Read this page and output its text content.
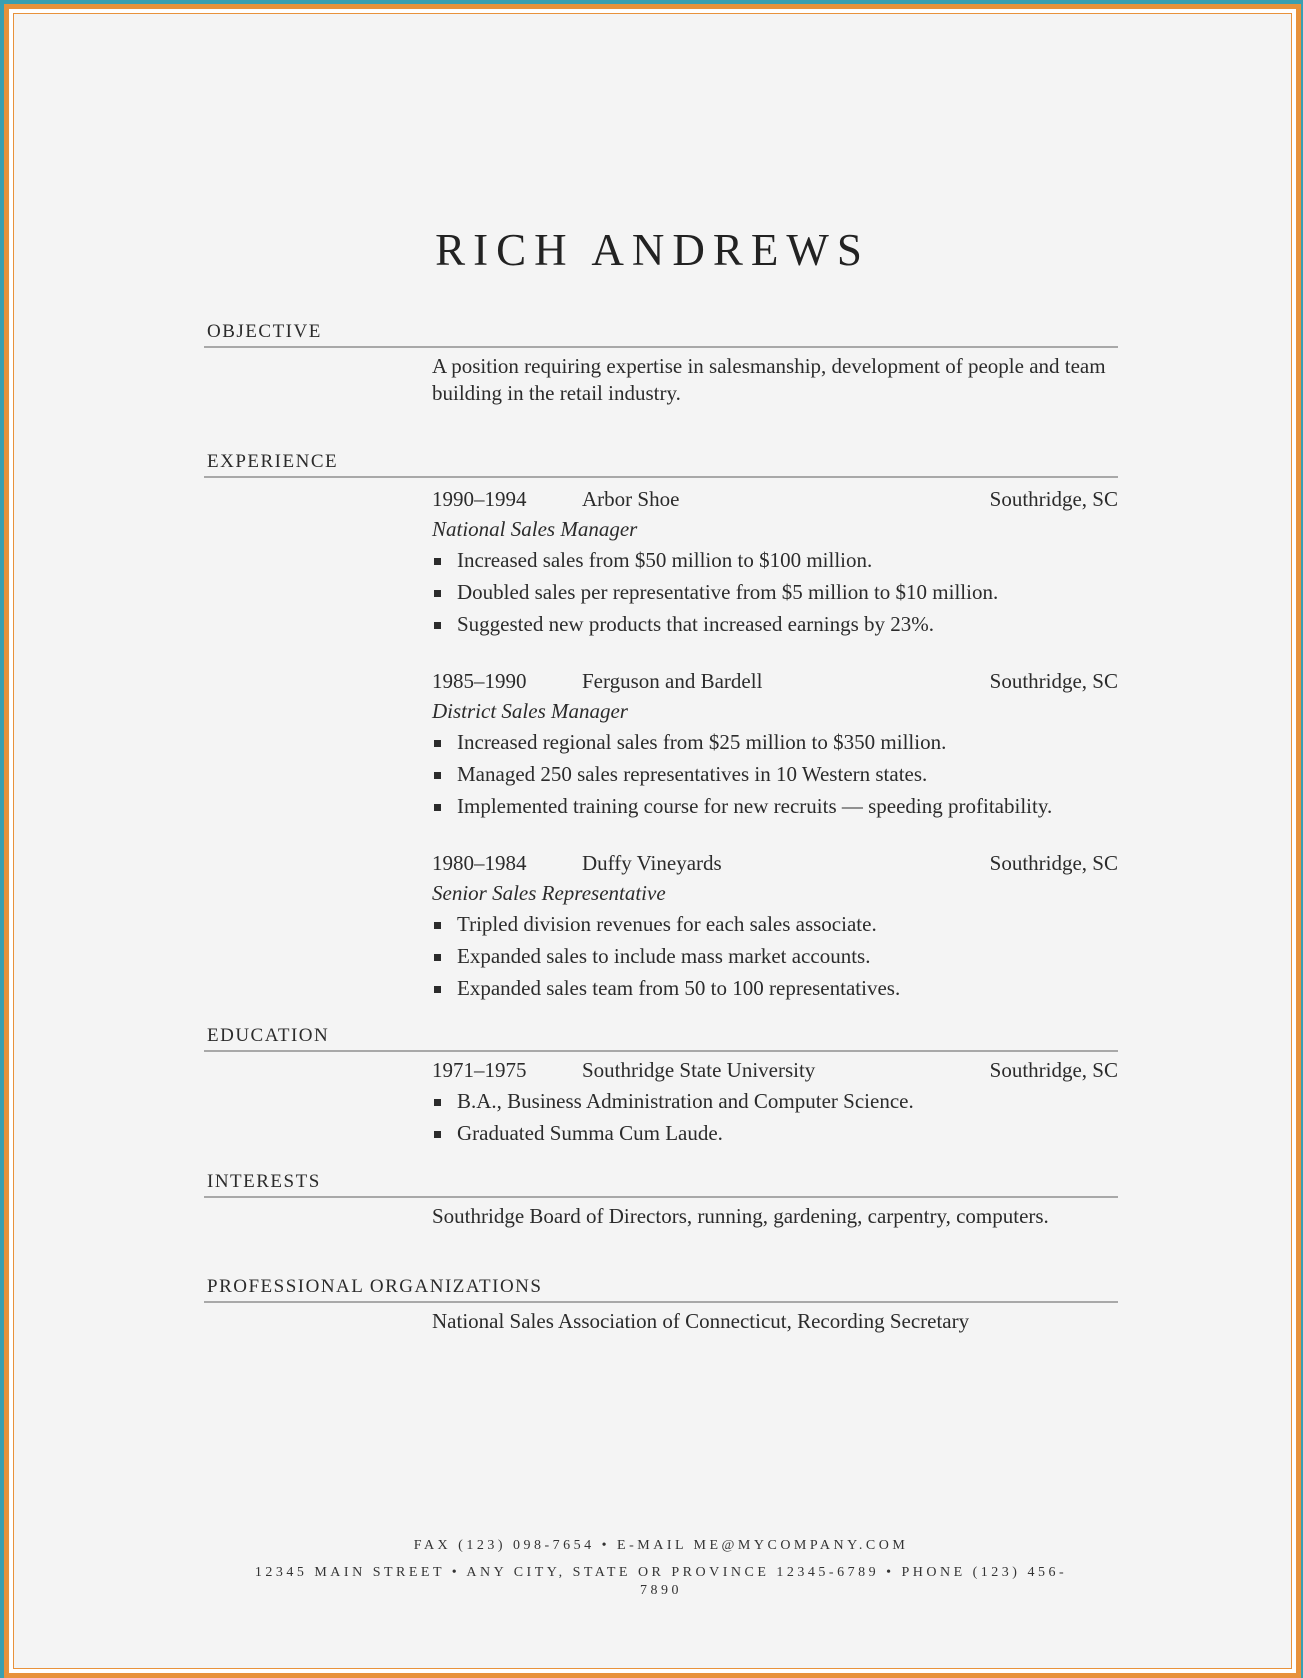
RICH ANDREWS
OBJECTIVE
A position requiring expertise in salesmanship, development of people and team building in the retail industry.
EXPERIENCE
1990–1994	Arbor Shoe	Southridge, SC
National Sales Manager
Increased sales from $50 million to $100 million.
Doubled sales per representative from $5 million to $10 million.
Suggested new products that increased earnings by 23%.
1985–1990	Ferguson and Bardell	Southridge, SC
District Sales Manager
Increased regional sales from $25 million to $350 million.
Managed 250 sales representatives in 10 Western states.
Implemented training course for new recruits — speeding profitability.
1980–1984	Duffy Vineyards	Southridge, SC
Senior Sales Representative
Tripled division revenues for each sales associate.
Expanded sales to include mass market accounts.
Expanded sales team from 50 to 100 representatives.
EDUCATION
1971–1975	Southridge State University	Southridge, SC
B.A., Business Administration and Computer Science.
Graduated Summa Cum Laude.
INTERESTS
Southridge Board of Directors, running, gardening, carpentry, computers.
PROFESSIONAL ORGANIZATIONS
National Sales Association of Connecticut, Recording Secretary
FAX (123) 098-7654 • E-MAIL ME@MYCOMPANY.COM
12345 MAIN STREET • ANY CITY, STATE OR PROVINCE 12345-6789 • PHONE (123) 456-7890
